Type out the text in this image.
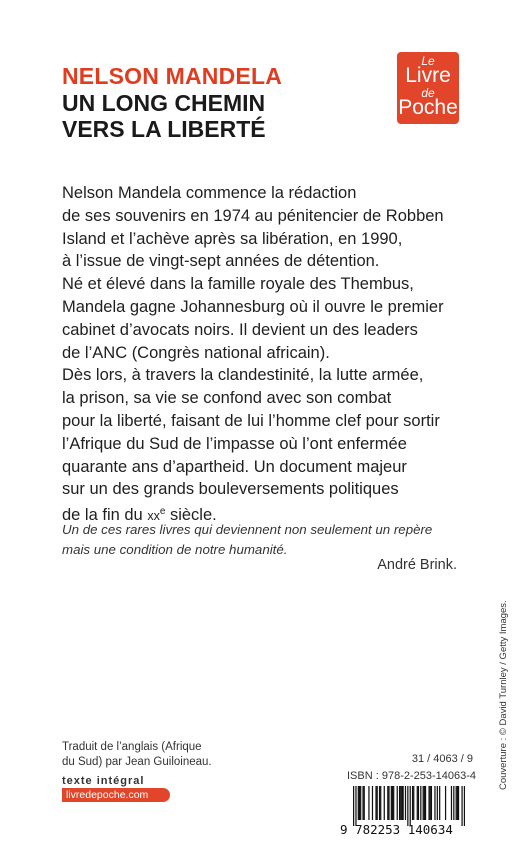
NELSON MANDELA
UN LONG CHEMIN
VERS LA LIBERTÉ
Le
Livre
de
Poche

Nelson Mandela commence la rédaction

de ses souvenirs en 1974 au pénitencier de Robben

Island et l’achève après sa libération, en 1990,

à l’issue de vingt-sept années de détention.

Né et élevé dans la famille royale des Thembus,

Mandela gagne Johannesburg où il ouvre le premier

cabinet d’avocats noirs. Il devient un des leaders

de l’ANC (Congrès national africain).

Dès lors, à travers la clandestinité, la lutte armée,

la prison, sa vie se confond avec son combat

pour la liberté, faisant de lui l’homme clef pour sortir

l’Afrique du Sud de l’impasse où l’ont enfermée

quarante ans d’apartheid. Un document majeur

sur un des grands bouleversements politiques

de la fin du $xx^e$ siècle.

Un de ces rares livres qui deviennent non seulement un repère

mais une condition de notre humanité.

André Brink.
Couverture : © David Turnley / Getty Images.

Traduit de l’anglais (Afrique

du Sud) par Jean Guiloineau.

texte intégral
livredepoche.com
31 / 4063 / 9
ISBN : 978-2-253-14063-4
9 782253 140634
